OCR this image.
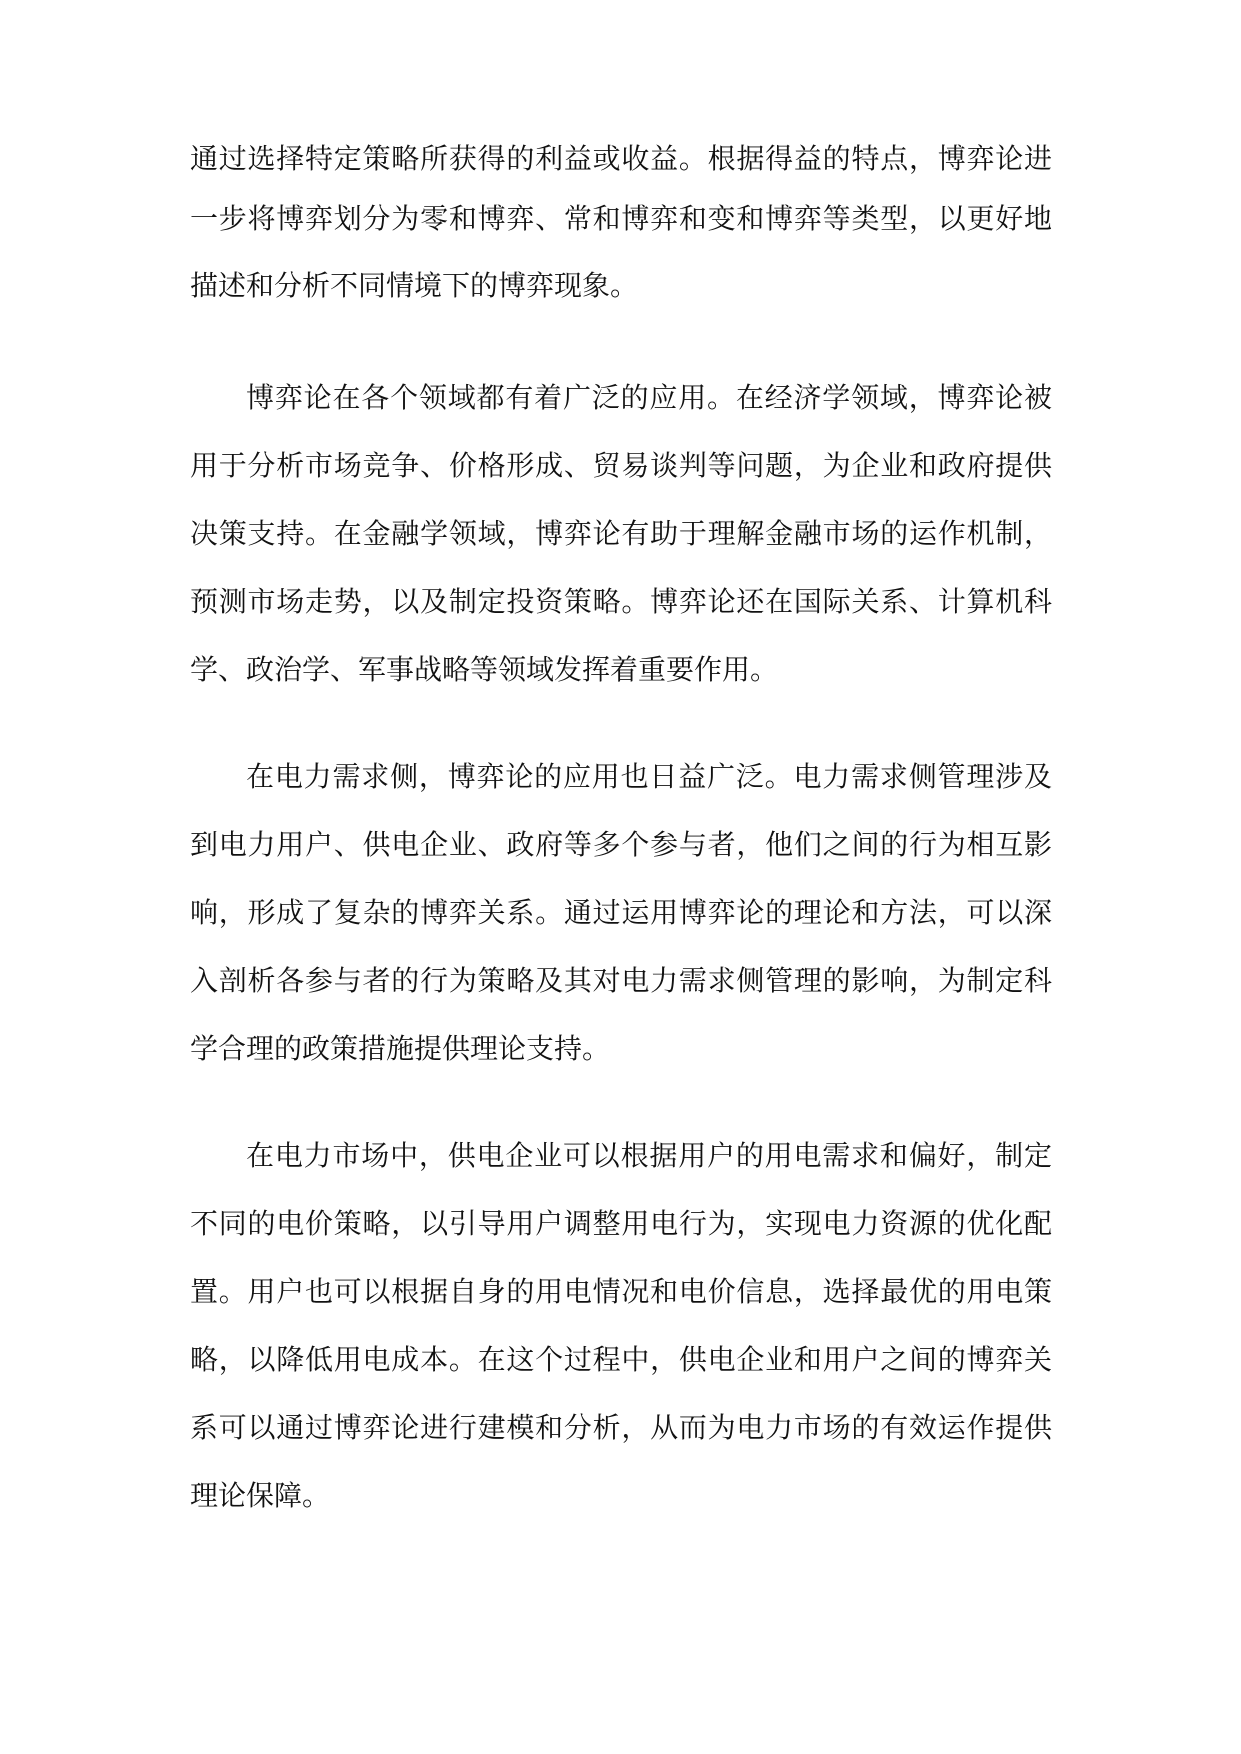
通过选择特定策略所获得的利益或收益。根据得益的特点，博弈论进

一步将博弈划分为零和博弈、常和博弈和变和博弈等类型，以更好地

描述和分析不同情境下的博弈现象。

博弈论在各个领域都有着广泛的应用。在经济学领域，博弈论被

用于分析市场竞争、价格形成、贸易谈判等问题，为企业和政府提供

决策支持。在金融学领域，博弈论有助于理解金融市场的运作机制，

预测市场走势，以及制定投资策略。博弈论还在国际关系、计算机科

学、政治学、军事战略等领域发挥着重要作用。

在电力需求侧，博弈论的应用也日益广泛。电力需求侧管理涉及

到电力用户、供电企业、政府等多个参与者，他们之间的行为相互影

响，形成了复杂的博弈关系。通过运用博弈论的理论和方法，可以深

入剖析各参与者的行为策略及其对电力需求侧管理的影响，为制定科

学合理的政策措施提供理论支持。

在电力市场中，供电企业可以根据用户的用电需求和偏好，制定

不同的电价策略，以引导用户调整用电行为，实现电力资源的优化配

置。用户也可以根据自身的用电情况和电价信息，选择最优的用电策

略，以降低用电成本。在这个过程中，供电企业和用户之间的博弈关

系可以通过博弈论进行建模和分析，从而为电力市场的有效运作提供

理论保障。
